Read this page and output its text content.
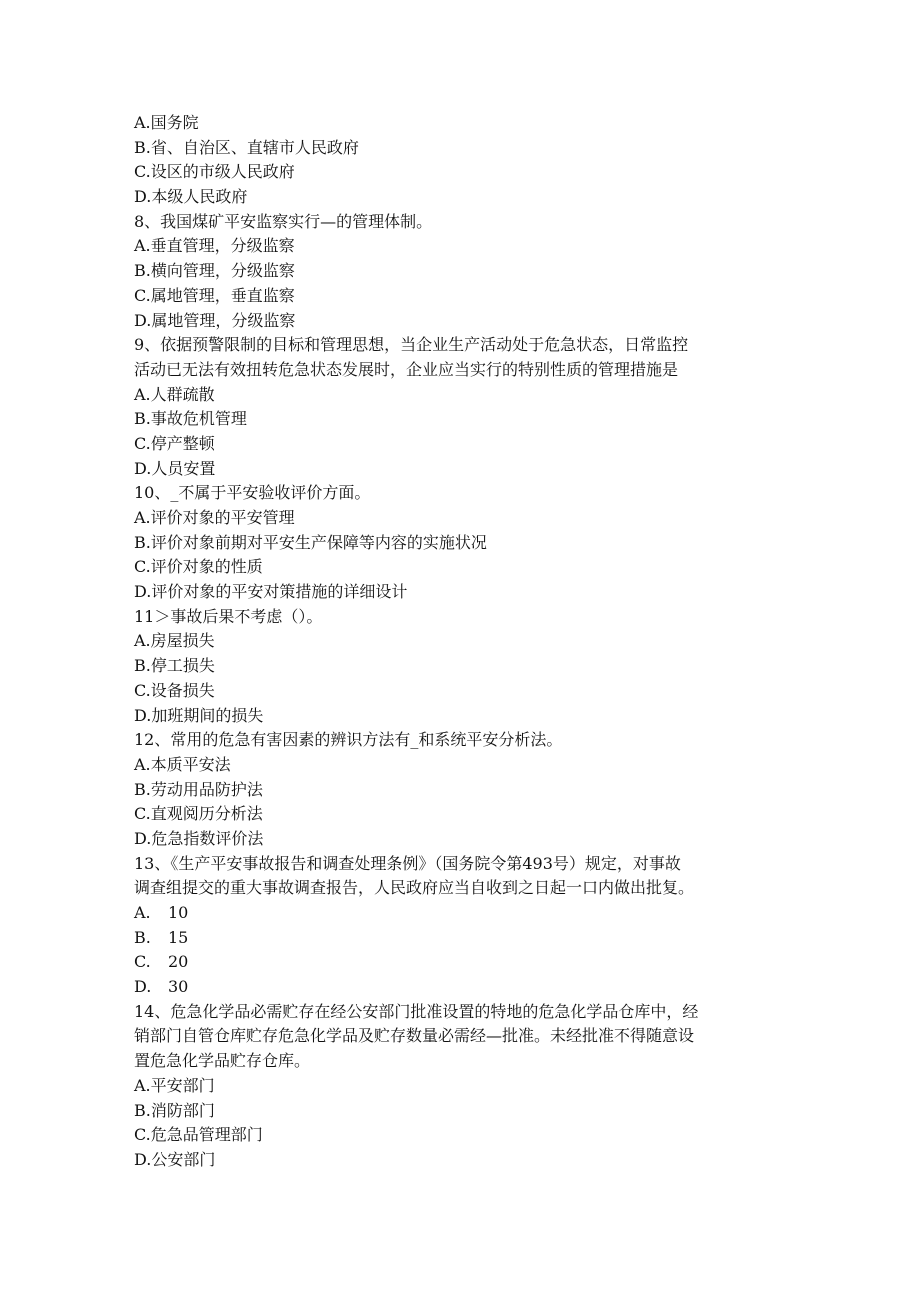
A.国务院
B.省、自治区、直辖市人民政府
C.设区的市级人民政府
D.本级人民政府
8、我国煤矿平安监察实行—的管理体制。
A.垂直管理，分级监察
B.横向管理，分级监察
C.属地管理，垂直监察
D.属地管理，分级监察
9、依据预警限制的目标和管理思想，当企业生产活动处于危急状态，日常监控
活动已无法有效扭转危急状态发展时，企业应当实行的特别性质的管理措施是
A.人群疏散
B.事故危机管理
C.停产整顿
D.人员安置
10、_不属于平安验收评价方面。
A.评价对象的平安管理
B.评价对象前期对平安生产保障等内容的实施状况
C.评价对象的性质
D.评价对象的平安对策措施的详细设计
11＞事故后果不考虑（）。
A.房屋损失
B.停工损失
C.设备损失
D.加班期间的损失
12、常用的危急有害因素的辨识方法有_和系统平安分析法。
A.本质平安法
B.劳动用品防护法
C.直观阅历分析法
D.危急指数评价法
13、《生产平安事故报告和调查处理条例》（国务院令第493号）规定，对事故
调查组提交的重大事故调查报告，人民政府应当自收到之日起一口内做出批复。
A. 10
B. 15
C. 20
D. 30
14、危急化学品必需贮存在经公安部门批准设置的特地的危急化学品仓库中，经
销部门自管仓库贮存危急化学品及贮存数量必需经—批准。未经批准不得随意设
置危急化学品贮存仓库。
A.平安部门
B.消防部门
C.危急品管理部门
D.公安部门
